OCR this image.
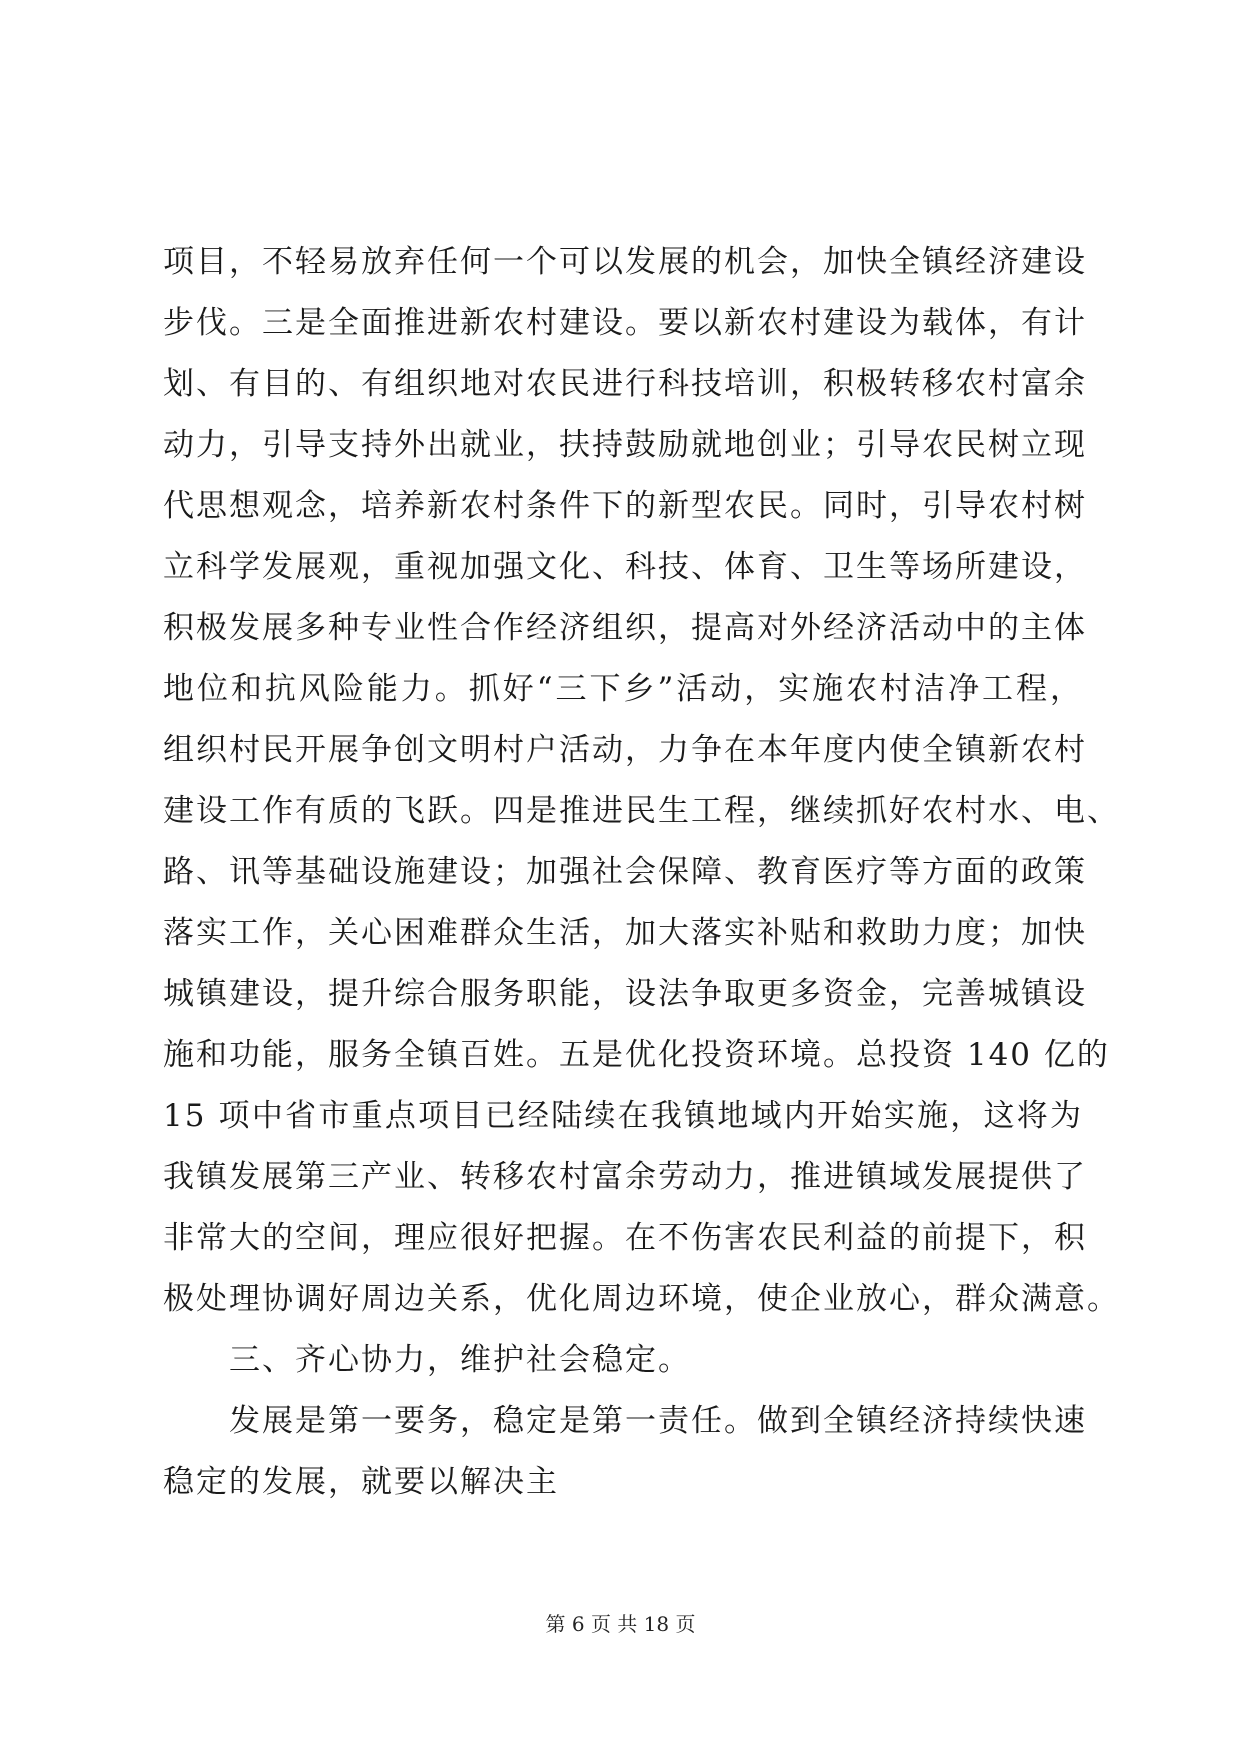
项目，不轻易放弃任何一个可以发展的机会，加快全镇经济建设
步伐。三是全面推进新农村建设。要以新农村建设为载体，有计
划、有目的、有组织地对农民进行科技培训，积极转移农村富余
动力，引导支持外出就业，扶持鼓励就地创业；引导农民树立现
代思想观念，培养新农村条件下的新型农民。同时，引导农村树
立科学发展观，重视加强文化、科技、体育、卫生等场所建设，
积极发展多种专业性合作经济组织，提高对外经济活动中的主体
地位和抗风险能力。抓好“三下乡”活动，实施农村洁净工程，
组织村民开展争创文明村户活动，力争在本年度内使全镇新农村
建设工作有质的飞跃。四是推进民生工程，继续抓好农村水、电、
路、讯等基础设施建设；加强社会保障、教育医疗等方面的政策
落实工作，关心困难群众生活，加大落实补贴和救助力度；加快
城镇建设，提升综合服务职能，设法争取更多资金，完善城镇设
施和功能，服务全镇百姓。五是优化投资环境。总投资 140 亿的
15 项中省市重点项目已经陆续在我镇地域内开始实施，这将为
我镇发展第三产业、转移农村富余劳动力，推进镇域发展提供了
非常大的空间，理应很好把握。在不伤害农民利益的前提下，积
极处理协调好周边关系，优化周边环境，使企业放心，群众满意。
三、齐心协力，维护社会稳定。
发展是第一要务，稳定是第一责任。做到全镇经济持续快速
稳定的发展，就要以解决主
第 6 页 共 18 页
